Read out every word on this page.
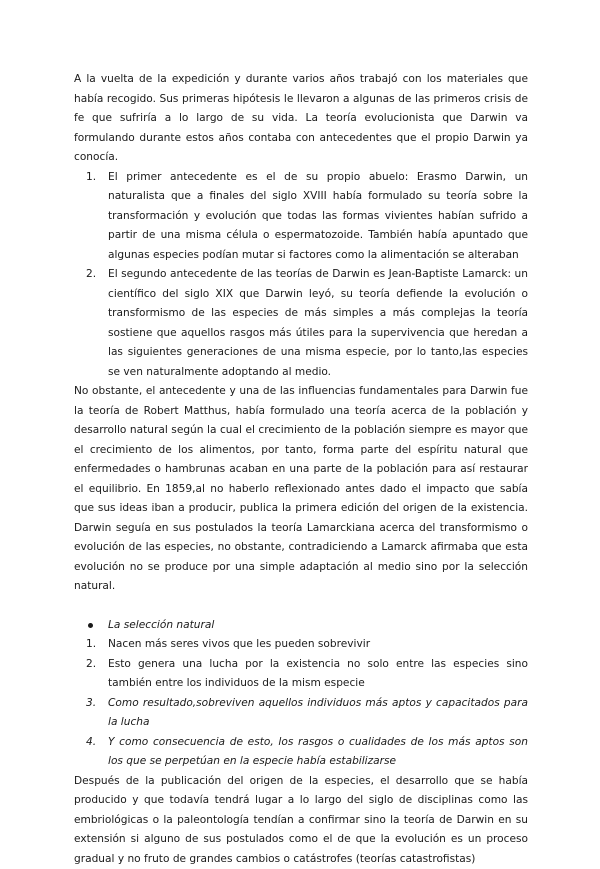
A la vuelta de la expedición y durante varios años trabajó con los materiales que había recogido. Sus primeras hipótesis le llevaron a algunas de las primeros crisis de fe que sufriría a lo largo de su vida. La teoría evolucionista que Darwin va formulando durante estos años contaba con antecedentes que el propio Darwin ya conocía.

1. El primer antecedente es el de su propio abuelo: Erasmo Darwin, un naturalista que a finales del siglo XVIII había formulado su teoría sobre la transformación y evolución que todas las formas vivientes habían sufrido a partir de una misma célula o espermatozoide. También había apuntado que algunas especies podían mutar si factores como la alimentación se alteraban
2. El segundo antecedente de las teorías de Darwin es Jean-Baptiste Lamarck: un científico del siglo XIX que Darwin leyó, su teoría defiende la evolución o transformismo de las especies de más simples a más complejas la teoría sostiene que aquellos rasgos más útiles para la supervivencia que heredan a las siguientes generaciones de una misma especie, por lo tanto,las especies se ven naturalmente adoptando al medio.

No obstante, el antecedente y una de las influencias fundamentales para Darwin fue la teoría de Robert Matthus, había formulado una teoría acerca de la población y desarrollo natural según la cual el crecimiento de la población siempre es mayor que el crecimiento de los alimentos, por tanto, forma parte del espíritu natural que enfermedades o hambrunas acaban en una parte de la población para así restaurar el equilibrio. En 1859,al no haberlo reflexionado antes dado el impacto que sabía que sus ideas iban a producir, publica la primera edición del origen de la existencia. Darwin seguía en sus postulados la teoría Lamarckiana acerca del transformismo o evolución de las especies, no obstante, contradiciendo a Lamarck afirmaba que esta evolución no se produce por una simple adaptación al medio sino por la selección natural.

La selección natural
1. Nacen más seres vivos que les pueden sobrevivir
2. Esto genera una lucha por la existencia no solo entre las especies sino también entre los individuos de la mism especie
3. Como resultado,sobreviven aquellos individuos más aptos y capacitados para la lucha
4. Y como consecuencia de esto, los rasgos o cualidades de los más aptos son los que se perpetúan en la especie había estabilizarse

Después de la publicación del origen de la especies, el desarrollo que se había producido y que todavía tendrá lugar a lo largo del siglo de disciplinas como las embriológicas o la paleontología tendían a confirmar sino la teoría de Darwin en su extensión si alguno de sus postulados como el de que la evolución es un proceso gradual y no fruto de grandes cambios o catástrofes (teorías catastrofistas)
